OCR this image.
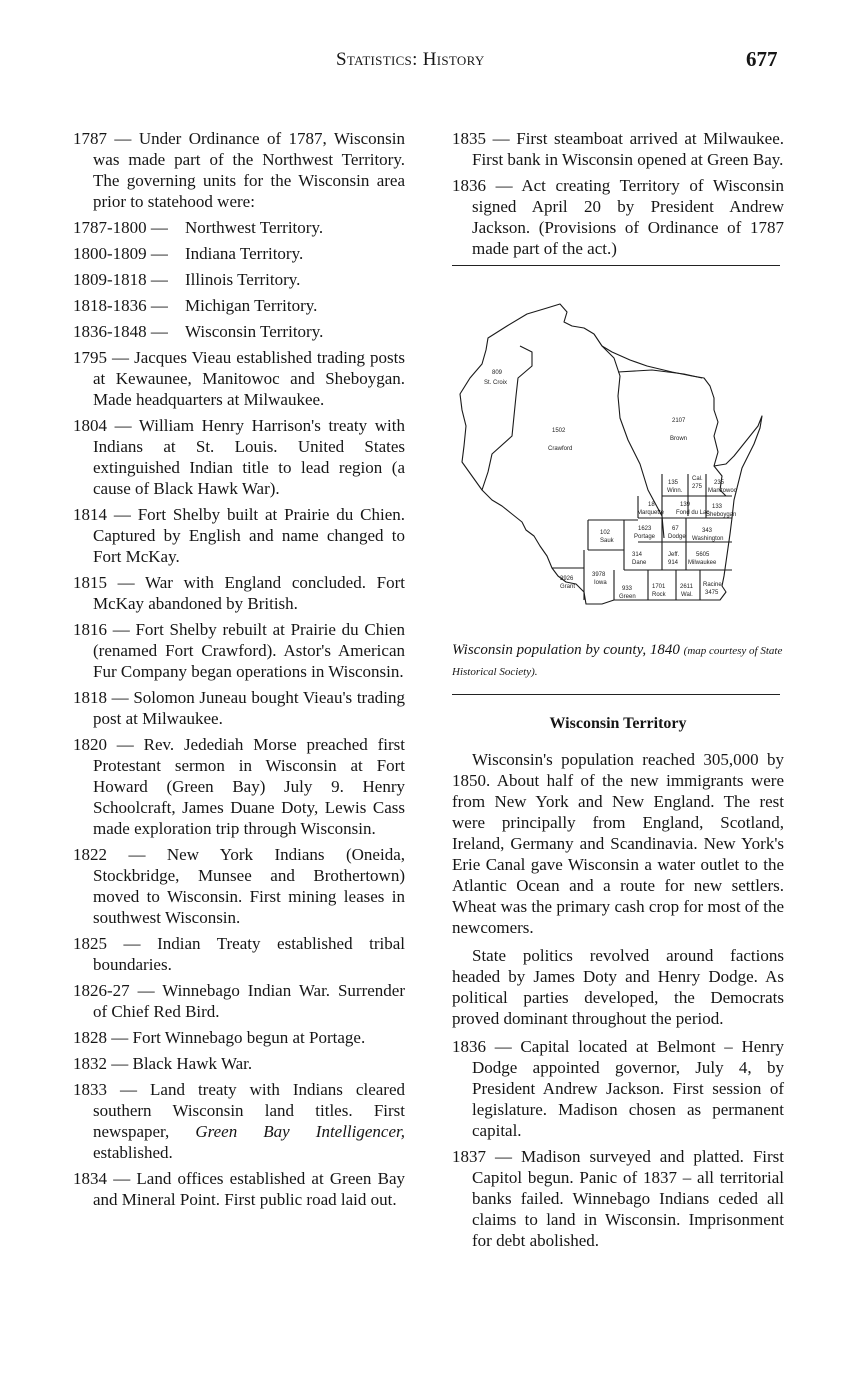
Statistics: History	677

1787 — Under Ordinance of 1787, Wisconsin was made part of the Northwest Territory. The governing units for the Wisconsin area prior to statehood were:

1787-1800 — Northwest Territory.
1800-1809 — Indiana Territory.
1809-1818 — Illinois Territory.
1818-1836 — Michigan Territory.
1836-1848 — Wisconsin Territory.

1795 — Jacques Vieau established trading posts at Kewaunee, Manitowoc and Sheboygan. Made headquarters at Milwaukee.

1804 — William Henry Harrison's treaty with Indians at St. Louis. United States extinguished Indian title to lead region (a cause of Black Hawk War).

1814 — Fort Shelby built at Prairie du Chien. Captured by English and name changed to Fort McKay.

1815 — War with England concluded. Fort McKay abandoned by British.

1816 — Fort Shelby rebuilt at Prairie du Chien (renamed Fort Crawford). Astor's American Fur Company began operations in Wisconsin.

1818 — Solomon Juneau bought Vieau's trading post at Milwaukee.

1820 — Rev. Jedediah Morse preached first Protestant sermon in Wisconsin at Fort Howard (Green Bay) July 9. Henry Schoolcraft, James Duane Doty, Lewis Cass made exploration trip through Wisconsin.

1822 — New York Indians (Oneida, Stockbridge, Munsee and Brothertown) moved to Wisconsin. First mining leases in southwest Wisconsin.

1825 — Indian Treaty established tribal boundaries.

1826-27 — Winnebago Indian War. Surrender of Chief Red Bird.

1828 — Fort Winnebago begun at Portage.

1832 — Black Hawk War.

1833 — Land treaty with Indians cleared southern Wisconsin land titles. First newspaper, Green Bay Intelligencer, established.

1834 — Land offices established at Green Bay and Mineral Point. First public road laid out.

1835 — First steamboat arrived at Milwaukee. First bank in Wisconsin opened at Green Bay.

1836 — Act creating Territory of Wisconsin signed April 20 by President Andrew Jackson. (Provisions of Ordinance of 1787 made part of the act.)

809
St. Croix
1502
Crawford
2107
Brown
135
Winn.
Cal.
275
235
Manitowoc
18
Marquette
139
Fond du Lac
133
Sheboygan
1623
Portage
67
Dodge
343
Washington
102
Sauk
314
Dane
Jeff.
914
5605
Milwaukee
3926
Grant
3978
Iowa
933
Green
1701
Rock
2611
Wal.
Racine
3475
Wisconsin population by county, 1840 (map courtesy of State Historical Society).
Wisconsin Territory

Wisconsin's population reached 305,000 by 1850. About half of the new immigrants were from New York and New England. The rest were principally from England, Scotland, Ireland, Germany and Scandinavia. New York's Erie Canal gave Wisconsin a water outlet to the Atlantic Ocean and a route for new settlers. Wheat was the primary cash crop for most of the newcomers.

State politics revolved around factions headed by James Doty and Henry Dodge. As political parties developed, the Democrats proved dominant throughout the period.

1836 — Capital located at Belmont – Henry Dodge appointed governor, July 4, by President Andrew Jackson. First session of legislature. Madison chosen as permanent capital.

1837 — Madison surveyed and platted. First Capitol begun. Panic of 1837 – all territorial banks failed. Winnebago Indians ceded all claims to land in Wisconsin. Imprisonment for debt abolished.
